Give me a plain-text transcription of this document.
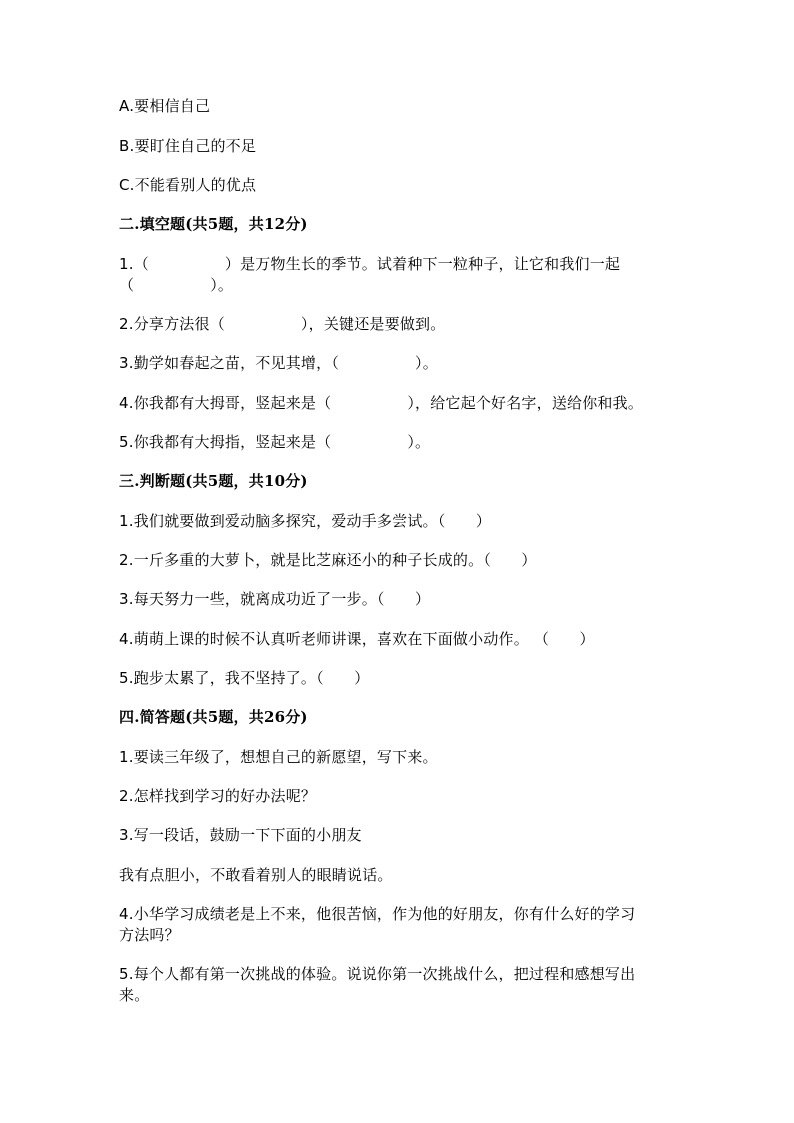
A.要相信自己
B.要盯住自己的不足
C.不能看别人的优点
二.填空题(共5题，共12分)
1.（　　　　　）是万物生长的季节。试着种下一粒种子，让它和我们一起
（　　　　　）。
2.分享方法很（　　　　　），关键还是要做到。
3.勤学如春起之苗，不见其增，（　　　　　）。
4.你我都有大拇哥，竖起来是（　　　　　），给它起个好名字，送给你和我。
5.你我都有大拇指，竖起来是（　　　　　）。
三.判断题(共5题，共10分)
1.我们就要做到爱动脑多探究，爱动手多尝试。（　　）
2.一斤多重的大萝卜，就是比芝麻还小的种子长成的。（　　）
3.每天努力一些，就离成功近了一步。（　　）
4.萌萌上课的时候不认真听老师讲课，喜欢在下面做小动作。 （　　）
5.跑步太累了，我不坚持了。（　　）
四.简答题(共5题，共26分)
1.要读三年级了，想想自己的新愿望，写下来。
2.怎样找到学习的好办法呢？
3.写一段话，鼓励一下下面的小朋友
我有点胆小，不敢看着别人的眼睛说话。
4.小华学习成绩老是上不来，他很苦恼，作为他的好朋友，你有什么好的学习
方法吗？
5.每个人都有第一次挑战的体验。说说你第一次挑战什么，把过程和感想写出
来。
